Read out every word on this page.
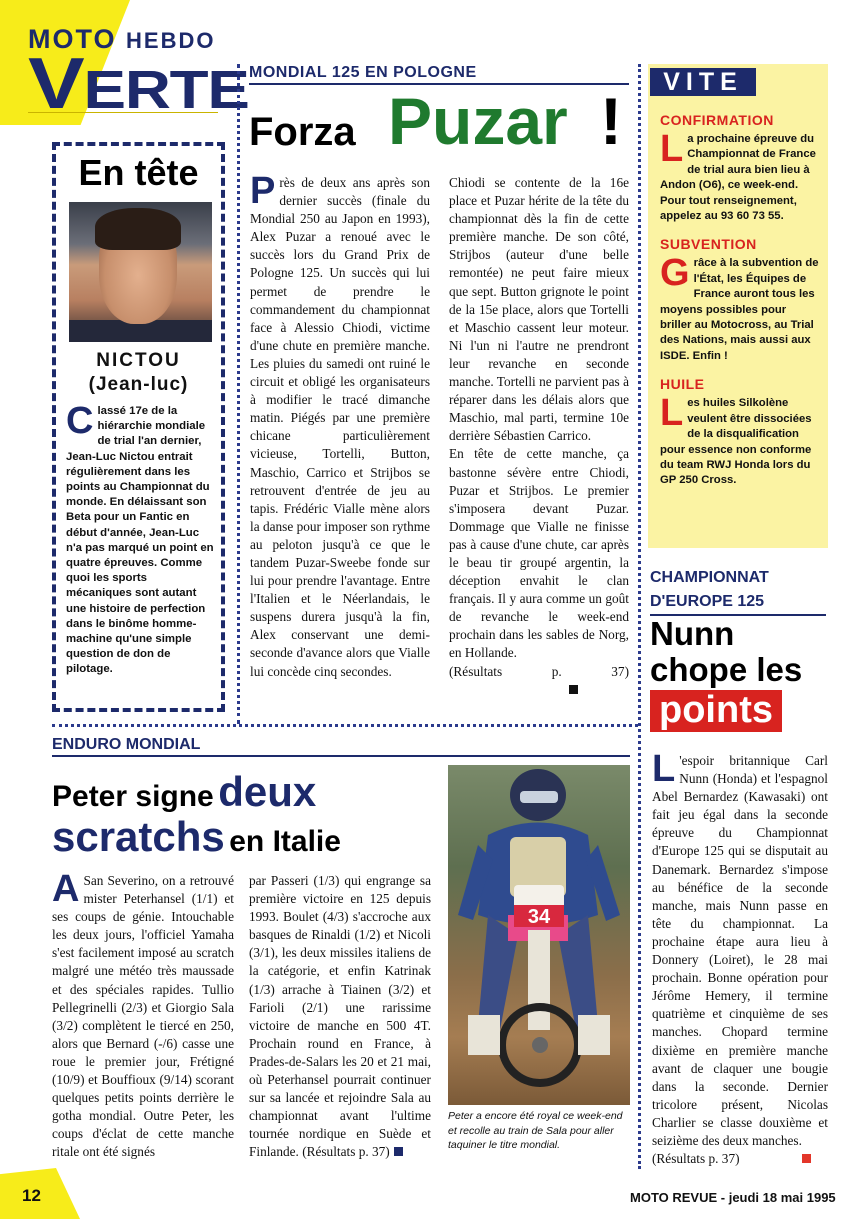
MOTO HEBDO
VERTE
En tête
NICTOU
(Jean-luc)
Classé 17e de la hiérarchie mondiale de trial l'an dernier, Jean-Luc Nictou entrait régulièrement dans les points au Championnat du monde. En délaissant son Beta pour un Fantic en début d'année, Jean-Luc n'a pas marqué un point en quatre épreuves. Comme quoi les sports mécaniques sont autant une histoire de perfection dans le binôme homme-machine qu'une simple question de don de pilotage.
MONDIAL 125 EN POLOGNE
Forza Puzar !
Près de deux ans après son dernier succès (finale du Mondial 250 au Japon en 1993), Alex Puzar a renoué avec le succès lors du Grand Prix de Pologne 125. Un succès qui lui permet de prendre le commandement du championnat face à Alessio Chiodi, victime d'une chute en première manche. Les pluies du samedi ont ruiné le circuit et obligé les organisateurs à modifier le tracé dimanche matin. Piégés par une première chicane particulièrement vicieuse, Tortelli, Button, Maschio, Carrico et Strijbos se retrouvent d'entrée de jeu au tapis. Frédéric Vialle mène alors la danse pour imposer son rythme au peloton jusqu'à ce que le tandem Puzar-Sweebe fonde sur lui pour prendre l'avantage. Entre l'Italien et le Néerlandais, le suspens durera jusqu'à la fin, Alex conservant une demi-seconde d'avance alors que Vialle lui concède cinq secondes.
Chiodi se contente de la 16e place et Puzar hérite de la tête du championnat dès la fin de cette première manche. De son côté, Strijbos (auteur d'une belle remontée) ne peut faire mieux que sept. Button grignote le point de la 15e place, alors que Tortelli et Maschio cassent leur moteur. Ni l'un ni l'autre ne prendront leur revanche en seconde manche. Tortelli ne parvient pas à réparer dans les délais alors que Maschio, mal parti, termine 10e derrière Sébastien Carrico.
En tête de cette manche, ça bastonne sévère entre Chiodi, Puzar et Strijbos. Le premier s'imposera devant Puzar. Dommage que Vialle ne finisse pas à cause d'une chute, car après le beau tir groupé argentin, la déception envahit le clan français. Il y aura comme un goût de revanche le week-end prochain dans les sables de Norg, en Hollande.
(Résultats p. 37)
VITE
CONFIRMATION
La prochaine épreuve du Championnat de France de trial aura bien lieu à Andon (O6), ce week-end. Pour tout renseignement, appelez au 93 60 73 55.
SUBVENTION
Grâce à la subvention de l'État, les Équipes de France auront tous les moyens possibles pour briller au Motocross, au Trial des Nations, mais aussi aux ISDE. Enfin !
HUILE
Les huiles Silkolène veulent être dissociées de la disqualification pour essence non conforme du team RWJ Honda lors du GP 250 Cross.
CHAMPIONNAT
D'EUROPE 125
Nunn
chope les
points
L 'espoir britannique Carl Nunn (Honda) et l'espagnol Abel Bernardez (Kawasaki) ont fait jeu égal dans la seconde épreuve du Championnat d'Europe 125 qui se disputait au Danemark. Bernardez s'impose au bénéfice de la seconde manche, mais Nunn passe en tête du championnat. La prochaine étape aura lieu à Donnery (Loiret), le 28 mai prochain. Bonne opération pour Jérôme Hemery, il termine quatrième et cinquième de ses manches. Chopard termine dixième en première manche avant de claquer une bougie dans la seconde. Dernier tricolore présent, Nicolas Charlier se classe douxième et seizième des deux manches.
(Résultats p. 37)
ENDURO MONDIAL
Peter signe deux
scratchs en Italie
A San Severino, on a retrouvé mister Peterhansel (1/1) et ses coups de génie. Intouchable les deux jours, l'officiel Yamaha s'est facilement imposé au scratch malgré une météo très maussade et des spéciales rapides. Tullio Pellegrinelli (2/3) et Giorgio Sala (3/2) complètent le tiercé en 250, alors que Bernard (-/6) casse une roue le premier jour, Frétigné (10/9) et Bouffioux (9/14) scorant quelques petits points derrière le gotha mondial. Outre Peter, les coups d'éclat de cette manche ritale ont été signés
par Passeri (1/3) qui engrange sa première victoire en 125 depuis 1993. Boulet (4/3) s'accroche aux basques de Rinaldi (1/2) et Nicoli (3/1), les deux missiles italiens de la catégorie, et enfin Katrinak (1/3) arrache à Tiainen (3/2) et Farioli (2/1) une rarissime victoire de manche en 500 4T. Prochain round en France, à Prades-de-Salars les 20 et 21 mai, où Peterhansel pourrait continuer sur sa lancée et rejoindre Sala au championnat avant l'ultime tournée nordique en Suède et Finlande. (Résultats p. 37)
34
Peter a encore été royal ce week-end et recolle au train de Sala pour aller taquiner le titre mondial.
12	MOTO REVUE - jeudi 18 mai 1995
